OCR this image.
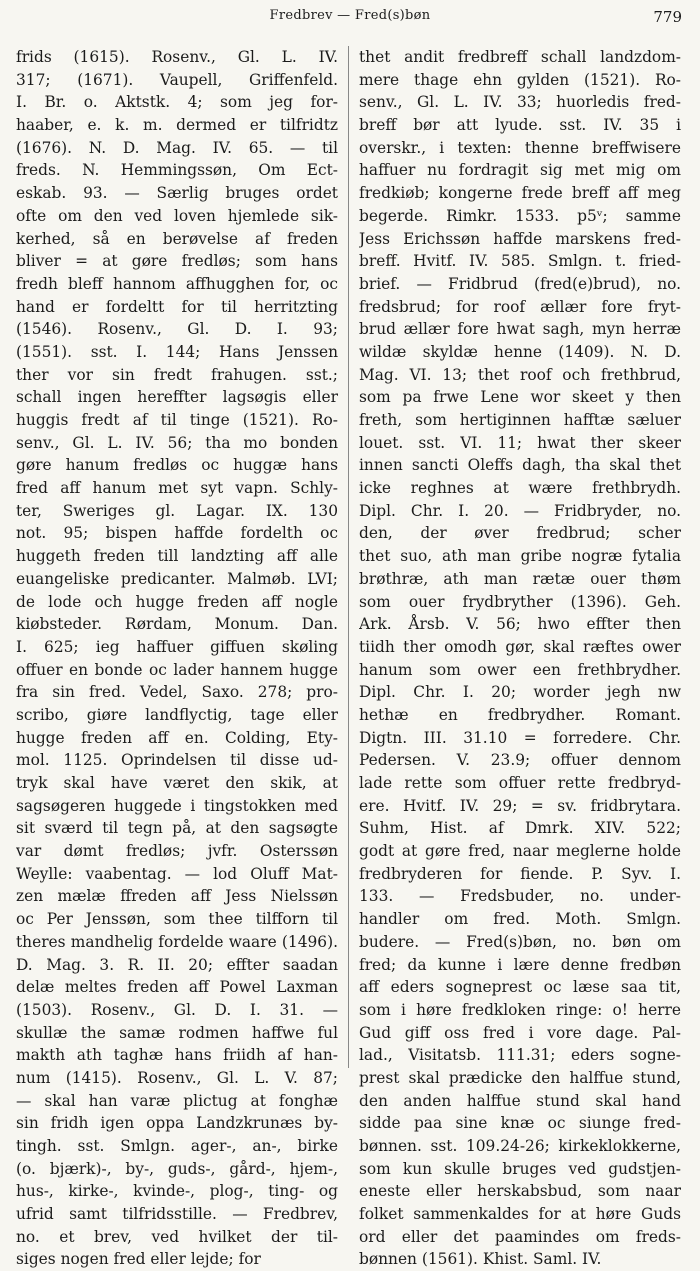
Fredbrev — Fred(s)bøn	779
frids (1615). Rosenv., Gl. L. IV.
317; (1671). Vaupell, Griffenfeld.
I. Br. o. Aktstk. 4; som jeg for-
haaber, e. k. m. dermed er tilfridtz
(1676). N. D. Mag. IV. 65. — til
freds. N. Hemmingssøn, Om Ect-
eskab. 93. — Særlig bruges ordet
ofte om den ved loven hjemlede sik-
kerhed, så en berøvelse af freden
bliver = at gøre fredløs; som hans
fredh bleff hannom affhugghen for, oc
hand er fordeltt for til herritzting
(1546). Rosenv., Gl. D. I. 93;
(1551). sst. I. 144; Hans Jenssen
ther vor sin fredt frahugen. sst.;
schall ingen hereffter lagsøgis eller
huggis fredt af til tinge (1521). Ro-
senv., Gl. L. IV. 56; tha mo bonden
gøre hanum fredløs oc huggæ hans
fred aff hanum met syt vapn. Schly-
ter, Sweriges gl. Lagar. IX. 130
not. 95; bispen haffde fordelth oc
huggeth freden till landzting aff alle
euangeliske predicanter. Malmøb. LVI;
de lode och hugge freden aff nogle
kiøbsteder. Rørdam, Monum. Dan.
I. 625; ieg haffuer giffuen skøling
offuer en bonde oc lader hannem hugge
fra sin fred. Vedel, Saxo. 278; pro-
scribo, giøre landflyctig, tage eller
hugge freden aff en. Colding, Ety-
mol. 1125. Oprindelsen til disse ud-
tryk skal have været den skik, at
sagsøgeren huggede i tingstokken med
sit sværd til tegn på, at den sagsøgte
var dømt fredløs; jvfr. Osterssøn
Weylle: vaabentag. — lod Oluff Mat-
zen mælæ ffreden aff Jess Nielssøn
oc Per Jenssøn, som thee tilfforn til
theres mandhelig fordelde waare (1496).
D. Mag. 3. R. II. 20; effter saadan
delæ meltes freden aff Powel Laxman
(1503). Rosenv., Gl. D. I. 31. —
skullæ the samæ rodmen haffwe ful
makth ath taghæ hans friidh af han-
num (1415). Rosenv., Gl. L. V. 87;
— skal han varæ plictug at fonghæ
sin fridh igen oppa Landzkrunæs by-
tingh. sst. Smlgn. ager-, an-, birke
(o. bjærk)-, by-, guds-, gård-, hjem-,
hus-, kirke-, kvinde-, plog-, ting- og
ufrid samt tilfridsstille. — Fredbrev,
no. et brev, ved hvilket der til-
siges nogen fred eller lejde; for
thet andit fredbreff schall landzdom-
mere thage ehn gylden (1521). Ro-
senv., Gl. L. IV. 33; huorledis fred-
breff bør att lyude. sst. IV. 35 i
overskr., i texten: thenne breffwisere
haffuer nu fordragit sig met mig om
fredkiøb; kongerne frede breff aff meg
begerde. Rimkr. 1533. p5ᵛ; samme
Jess Erichssøn haffde marskens fred-
breff. Hvitf. IV. 585. Smlgn. t. fried-
brief. — Fridbrud (fred(e)brud), no.
fredsbrud; for roof ællær fore fryt-
brud ællær fore hwat sagh, myn herræ
wildæ skyldæ henne (1409). N. D.
Mag. VI. 13; thet roof och frethbrud,
som pa frwe Lene wor skeet y then
freth, som hertiginnen hafftæ sæluer
louet. sst. VI. 11; hwat ther skeer
innen sancti Oleffs dagh, tha skal thet
icke reghnes at wære frethbrydh.
Dipl. Chr. I. 20. — Fridbryder, no.
den, der øver fredbrud; scher
thet suo, ath man gribe nogræ fytalia
brøthræ, ath man rætæ ouer thøm
som ouer frydbryther (1396). Geh.
Ark. Årsb. V. 56; hwo effter then
tiidh ther omodh gør, skal ræftes ower
hanum som ower een frethbrydher.
Dipl. Chr. I. 20; worder jegh nw
hethæ en fredbrydher. Romant.
Digtn. III. 31.10 = forredere. Chr.
Pedersen. V. 23.9; offuer dennom
lade rette som offuer rette fredbryd-
ere. Hvitf. IV. 29; = sv. fridbrytara.
Suhm, Hist. af Dmrk. XIV. 522;
godt at gøre fred, naar meglerne holde
fredbryderen for fiende. P. Syv. I.
133. — Fredsbuder, no. under-
handler om fred. Moth. Smlgn.
budere. — Fred(s)bøn, no. bøn om
fred; da kunne i lære denne fredbøn
aff eders sogneprest oc læse saa tit,
som i høre fredkloken ringe: o! herre
Gud giff oss fred i vore dage. Pal-
lad., Visitatsb. 111.31; eders sogne-
prest skal prædicke den halffue stund,
den anden halffue stund skal hand
sidde paa sine knæ oc siunge fred-
bønnen. sst. 109.24-26; kirkeklokkerne,
som kun skulle bruges ved gudstjen-
eneste eller herskabsbud, som naar
folket sammenkaldes for at høre Guds
ord eller det paamindes om freds-
bønnen (1561). Khist. Saml. IV.
